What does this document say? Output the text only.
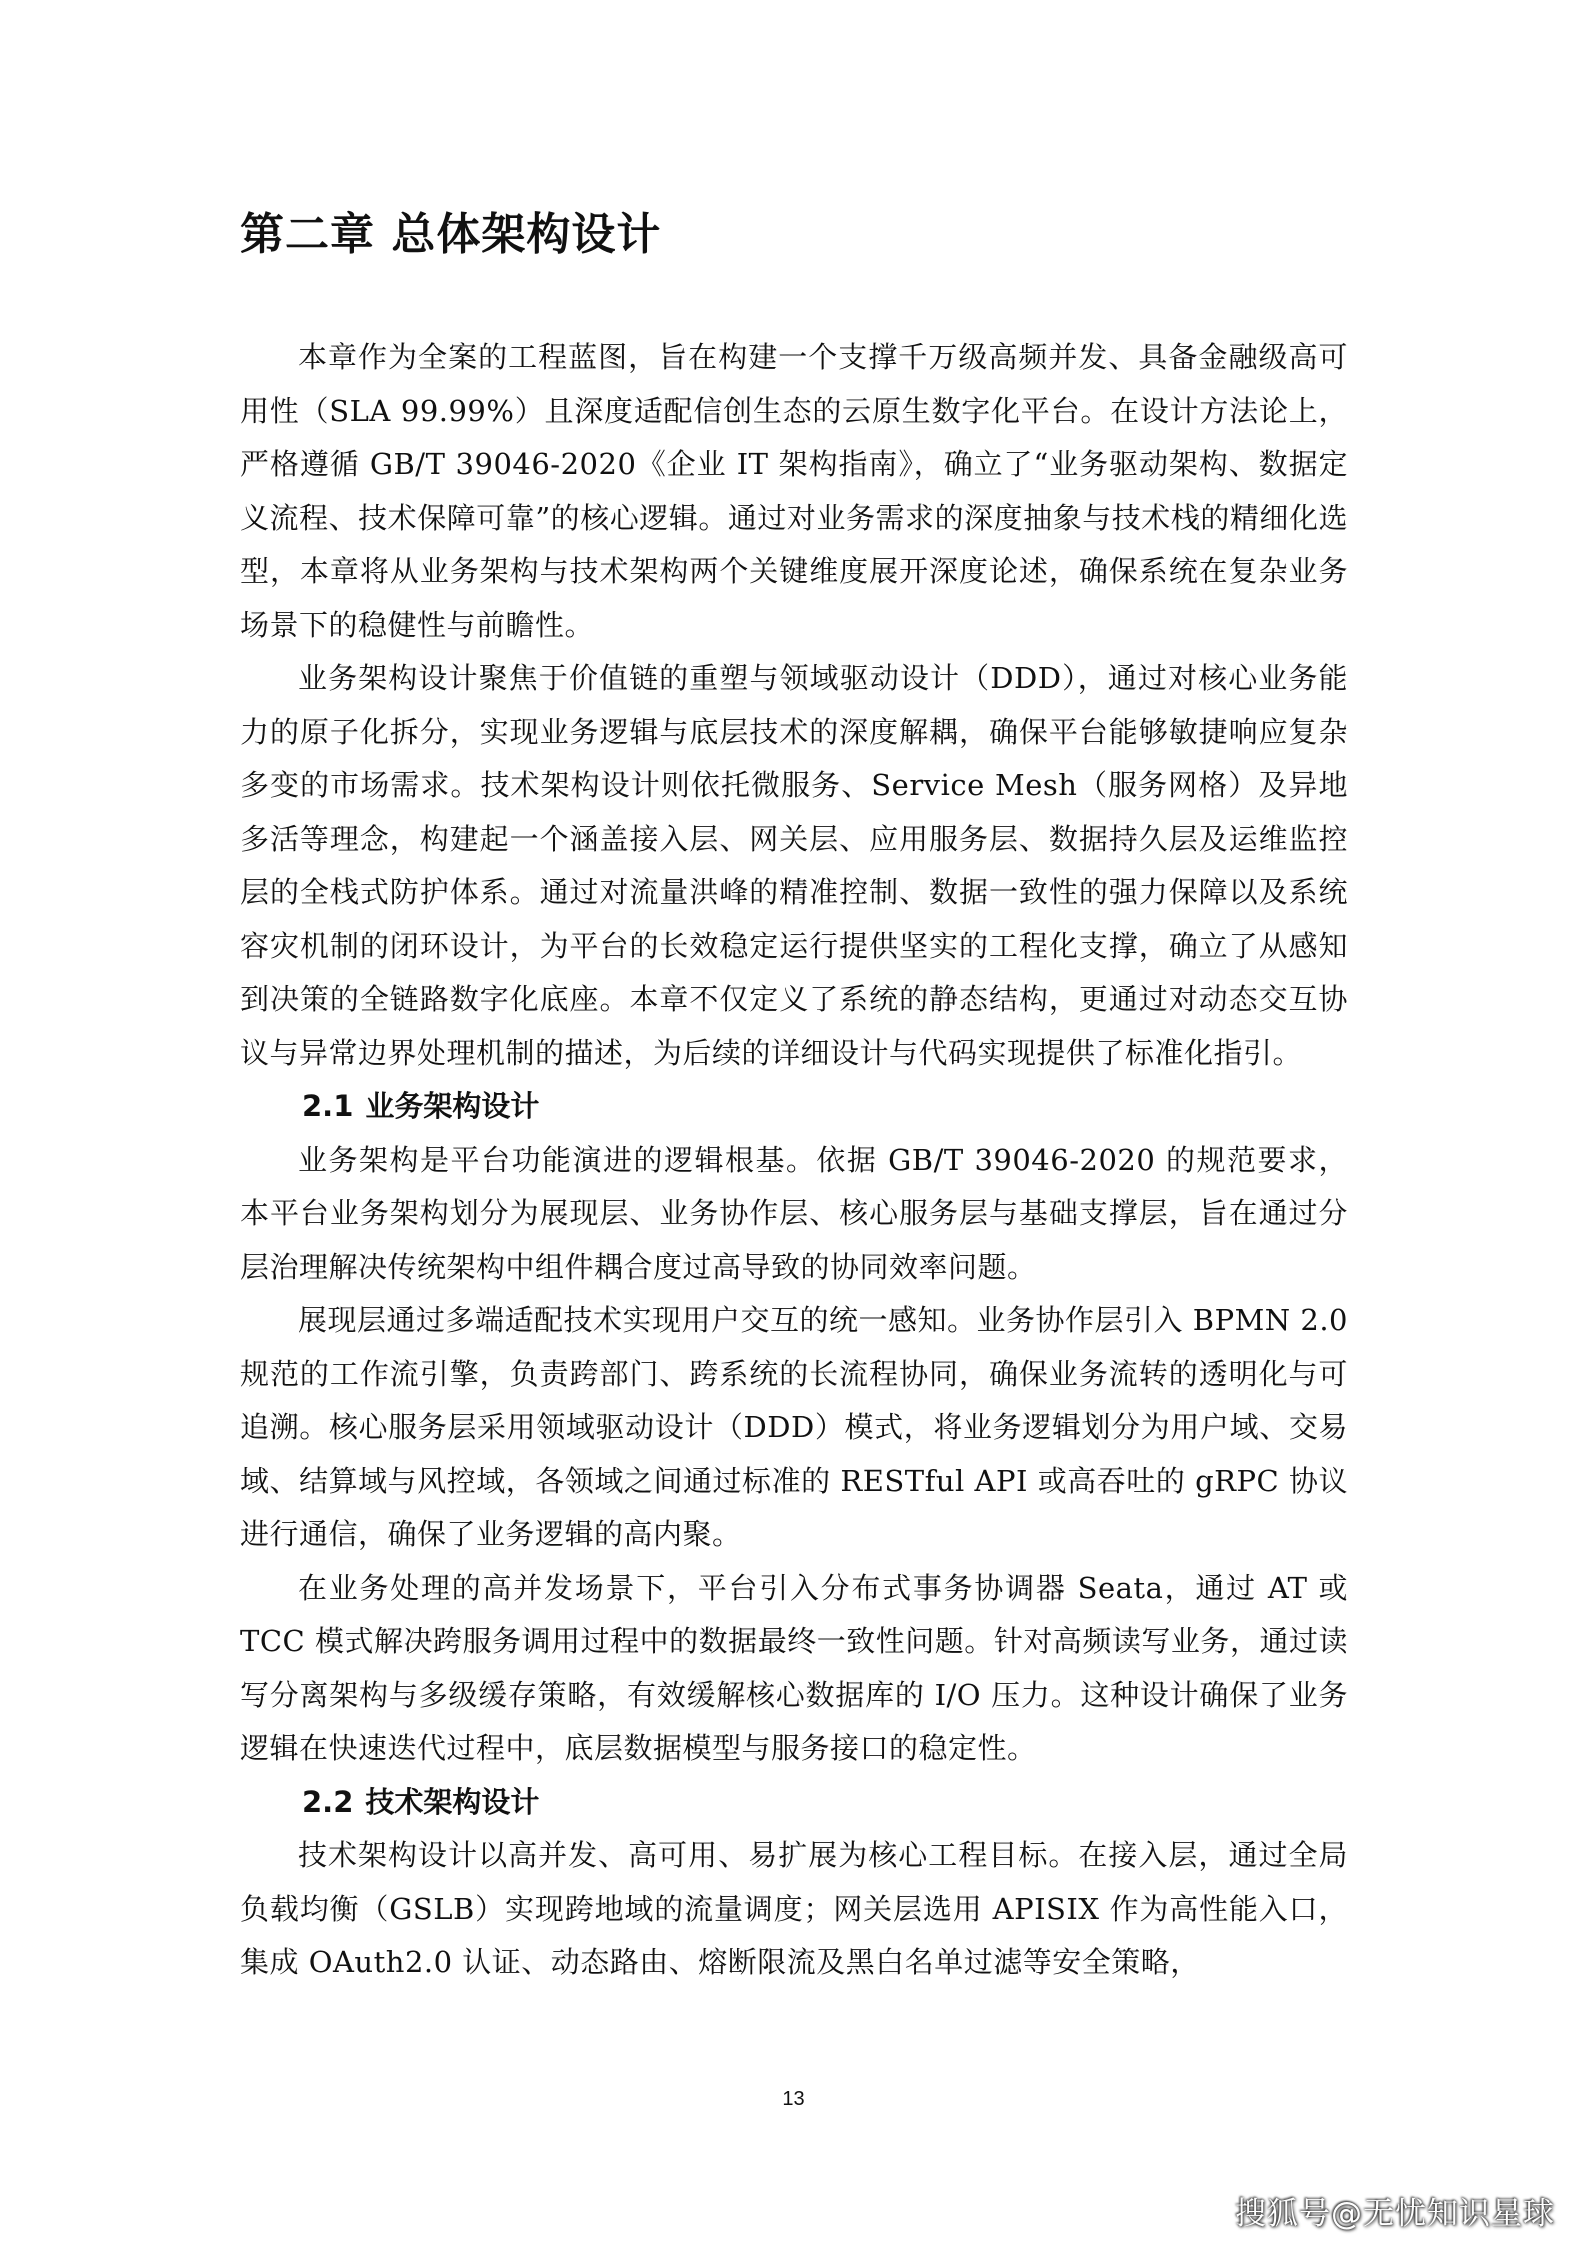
第二章 总体架构设计

本章作为全案的工程蓝图，旨在构建一个支撑千万级高频并发、具备金融级高可用性（SLA 99.99%）且深度适配信创生态的云原生数字化平台。在设计方法论上，严格遵循 GB/T 39046-2020《企业 IT 架构指南》，确立了“业务驱动架构、数据定义流程、技术保障可靠”的核心逻辑。通过对业务需求的深度抽象与技术栈的精细化选型，本章将从业务架构与技术架构两个关键维度展开深度论述，确保系统在复杂业务场景下的稳健性与前瞻性。

业务架构设计聚焦于价值链的重塑与领域驱动设计（DDD），通过对核心业务能力的原子化拆分，实现业务逻辑与底层技术的深度解耦，确保平台能够敏捷响应复杂多变的市场需求。技术架构设计则依托微服务、Service Mesh（服务网格）及异地多活等理念，构建起一个涵盖接入层、网关层、应用服务层、数据持久层及运维监控层的全栈式防护体系。通过对流量洪峰的精准控制、数据一致性的强力保障以及系统容灾机制的闭环设计，为平台的长效稳定运行提供坚实的工程化支撑，确立了从感知到决策的全链路数字化底座。本章不仅定义了系统的静态结构，更通过对动态交互协议与异常边界处理机制的描述，为后续的详细设计与代码实现提供了标准化指引。

2.1 业务架构设计

业务架构是平台功能演进的逻辑根基。依据 GB/T 39046-2020 的规范要求，本平台业务架构划分为展现层、业务协作层、核心服务层与基础支撑层，旨在通过分层治理解决传统架构中组件耦合度过高导致的协同效率问题。

展现层通过多端适配技术实现用户交互的统一感知。业务协作层引入 BPMN 2.0 规范的工作流引擎，负责跨部门、跨系统的长流程协同，确保业务流转的透明化与可追溯。核心服务层采用领域驱动设计（DDD）模式，将业务逻辑划分为用户域、交易域、结算域与风控域，各领域之间通过标准的 RESTful API 或高吞吐的 gRPC 协议进行通信，确保了业务逻辑的高内聚。

在业务处理的高并发场景下，平台引入分布式事务协调器 Seata，通过 AT 或 TCC 模式解决跨服务调用过程中的数据最终一致性问题。针对高频读写业务，通过读写分离架构与多级缓存策略，有效缓解核心数据库的 I/O 压力。这种设计确保了业务逻辑在快速迭代过程中，底层数据模型与服务接口的稳定性。

2.2 技术架构设计

技术架构设计以高并发、高可用、易扩展为核心工程目标。在接入层，通过全局负载均衡（GSLB）实现跨地域的流量调度；网关层选用 APISIX 作为高性能入口，集成 OAuth2.0 认证、动态路由、熔断限流及黑白名单过滤等安全策略，

13
搜狐号@无忧知识星球
